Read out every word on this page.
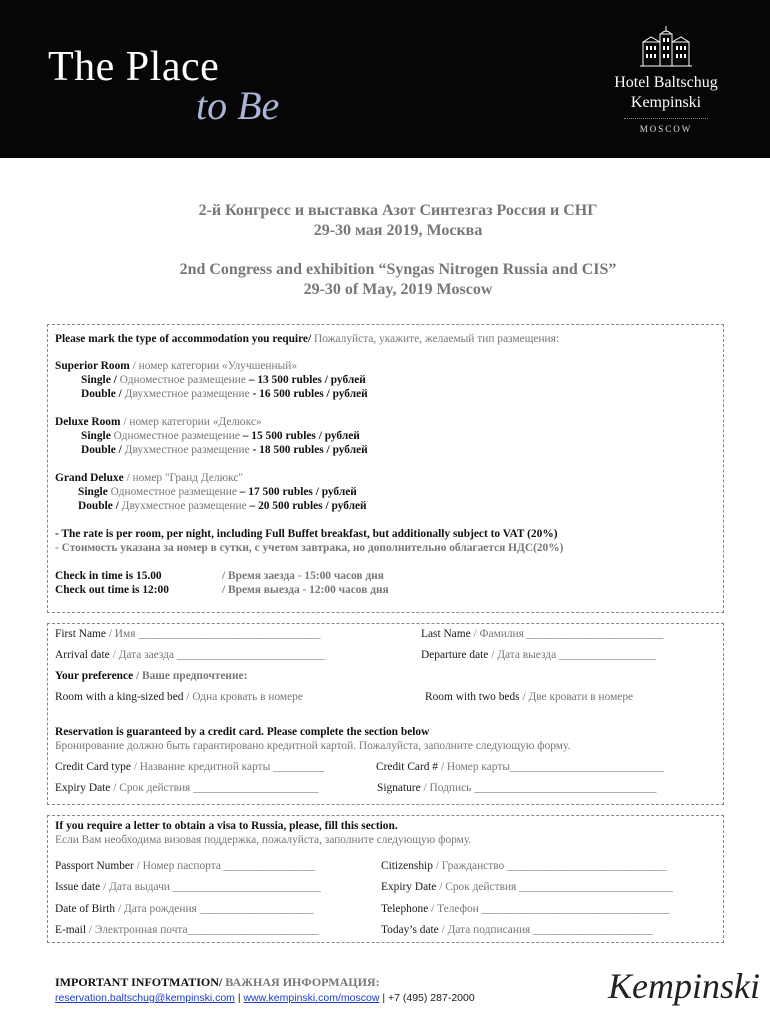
The Place
to Be
Hotel Baltschug
Kempinski
MOSCOW
2-й Конгресс и выставка Азот Синтезгаз Россия и СНГ
29-30 мая 2019, Москва
2nd Congress and exhibition “Syngas Nitrogen Russia and CIS”
29-30 of May, 2019 Moscow
Please mark the type of accommodation you require/ Пожалуйста, укажите, желаемый тип размещения:
Superior Room / номер категории «Улучшенный»
Single / Одноместное размещение – 13 500 rubles / рублей
Double / Двухместное размещение - 16 500 rubles / рублей
Deluxe Room / номер категории «Делюкс»
Single Одноместное размещение – 15 500 rubles / рублей
Double / Двухместное размещение - 18 500 rubles / рублей
Grand Deluxe / номер "Гранд Делюкс"
Single Одноместное размещение – 17 500 rubles / рублей
Double / Двухместное размещение – 20 500 rubles / рублей
- The rate is per room, per night, including Full Buffet breakfast, but additionally subject to VAT (20%)
- Стоимость указана за номер в сутки, с учетом завтрака, но дополнительно облагается НДС(20%)
Check in time is 15.00	/ Время заезда - 15:00 часов дня
Check out time is 12:00	/ Время выезда - 12:00 часов дня
First Name / Имя ________________________________	Last Name / Фамилия ________________________
Arrival date / Дата заезда __________________________	Departure date / Дата выезда _________________
Your preference / Ваше предпочтение:
Room with a king-sized bed / Одна кровать в номере	Room with two beds / Две кровати в номере
Reservation is guaranteed by a credit card. Please complete the section below
Бронирование должно быть гарантировано кредитной картой. Пожалуйста, заполните следующую форму.
Credit Card type / Название кредитной карты _________	Credit Card # / Номер карты___________________________
Expiry Date / Срок действия ______________________	Signature / Подпись ________________________________
If you require a letter to obtain a visa to Russia, please, fill this section.
Если Вам необходима визовая поддержка, пожалуйста, заполните следующую форму.
Passport Number / Номер паспорта ________________	Citizenship / Гражданство ____________________________
Issue date / Дата выдачи __________________________	Expiry Date / Срок действия ___________________________
Date of Birth / Дата рождения ____________________	Telephone / Телефон _________________________________
E-mail / Электронная почта_______________________	Today’s date / Дата подписания _____________________
IMPORTANT INFOTMATION/ ВАЖНАЯ ИНФОРМАЦИЯ:
reservation.baltschug@kempinski.com | www.kempinski.com/moscow | +7 (495) 287-2000	Kempinski
